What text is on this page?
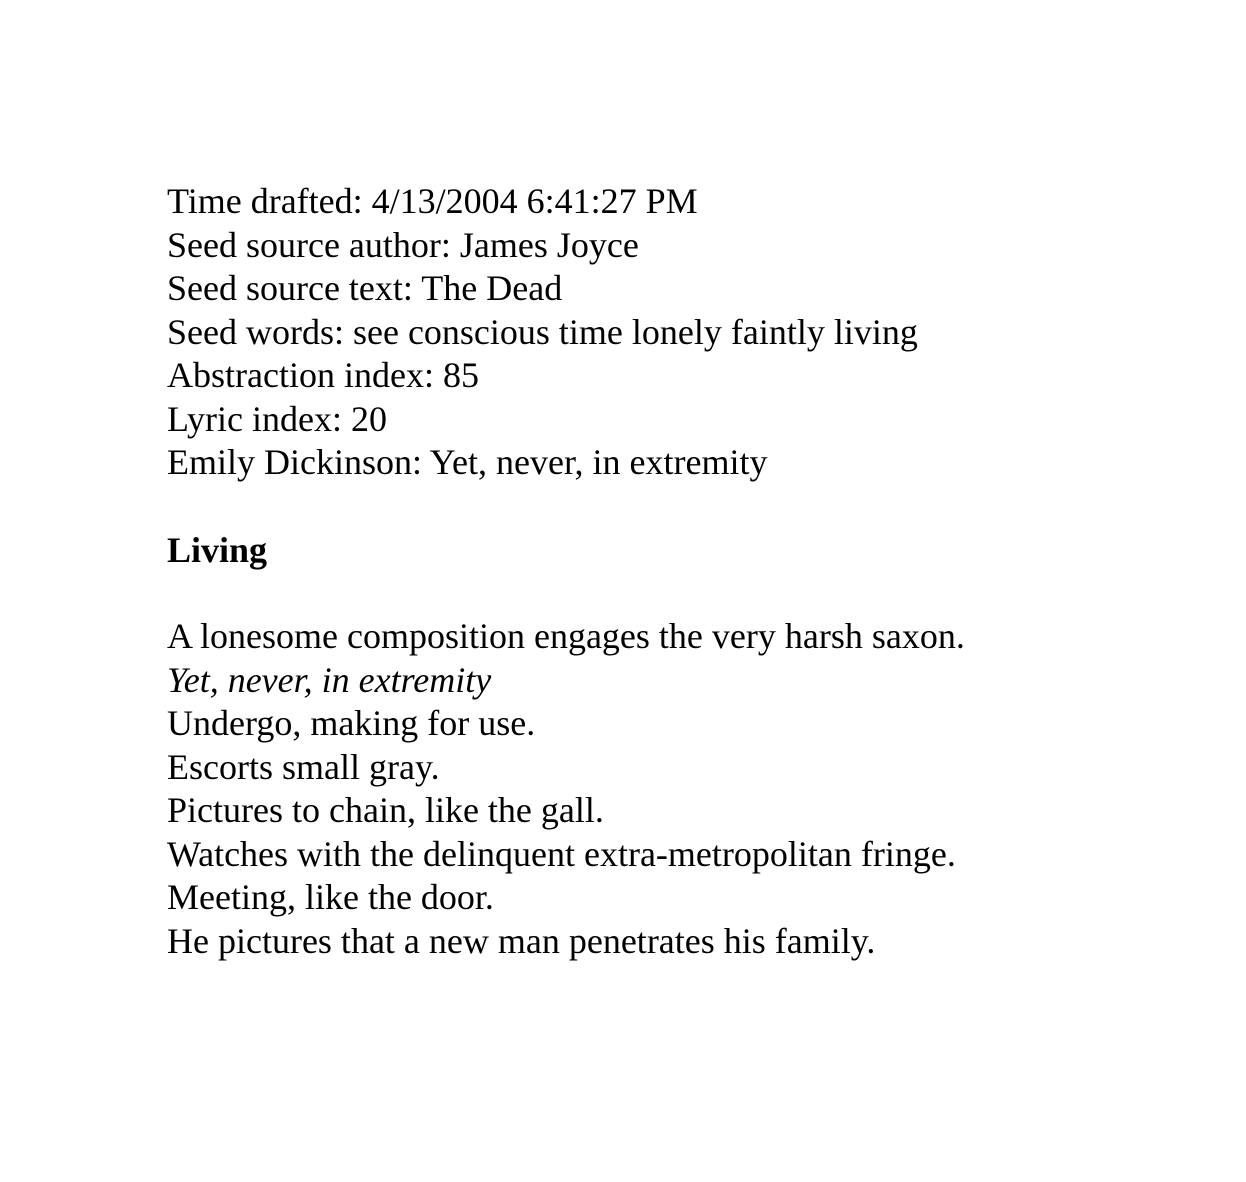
Time drafted: 4/13/2004 6:41:27 PM

Seed source author: James Joyce

Seed source text: The Dead

Seed words: see conscious time lonely faintly living

Abstraction index: 85

Lyric index: 20

Emily Dickinson: Yet, never, in extremity

Living

A lonesome composition engages the very harsh saxon.

Yet, never, in extremity

Undergo, making for use.

Escorts small gray.

Pictures to chain, like the gall.

Watches with the delinquent extra-metropolitan fringe.

Meeting, like the door.

He pictures that a new man penetrates his family.
